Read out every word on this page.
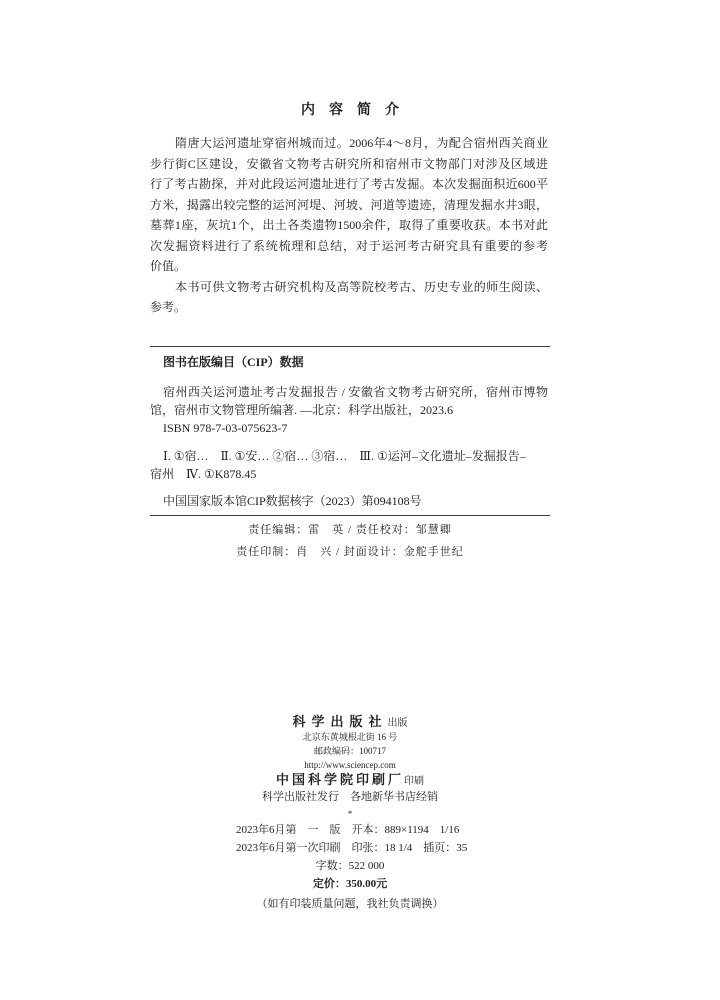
内容简介
隋唐大运河遗址穿宿州城而过。2006年4～8月，为配合宿州西关商业
步行街C区建设，安徽省文物考古研究所和宿州市文物部门对涉及区域进
行了考古勘探，并对此段运河遗址进行了考古发掘。本次发掘面积近600平
方米，揭露出较完整的运河河堤、河坡、河道等遗迹，清理发掘水井3眼，
墓葬1座，灰坑1个，出土各类遗物1500余件，取得了重要收获。本书对此
次发掘资料进行了系统梳理和总结，对于运河考古研究具有重要的参考
价值。
本书可供文物考古研究机构及高等院校考古、历史专业的师生阅读、
参考。
图书在版编目（CIP）数据
宿州西关运河遗址考古发掘报告 / 安徽省文物考古研究所，宿州市博物
馆，宿州市文物管理所编著. —北京：科学出版社，2023.6
ISBN 978-7-03-075623-7
Ⅰ. ①宿…　Ⅱ. ①安… ②宿… ③宿…　Ⅲ. ①运河–文化遗址–发掘报告–
宿州　Ⅳ. ①K878.45
中国国家版本馆CIP数据核字（2023）第094108号
责任编辑：雷　英 / 责任校对：邹慧卿
责任印制：肖　兴 / 封面设计：金舵手世纪
科学出版社出版
北京东黄城根北街 16 号
邮政编码：100717
http://www.sciencep.com
中国科学院印刷厂印刷
科学出版社发行　各地新华书店经销
*
2023年6月第　一　版　开本：889×1194　1/16
2023年6月第一次印刷　印张：18 1/4　插页：35
字数：522 000
定价：350.00元
（如有印装质量问题，我社负责调换）
